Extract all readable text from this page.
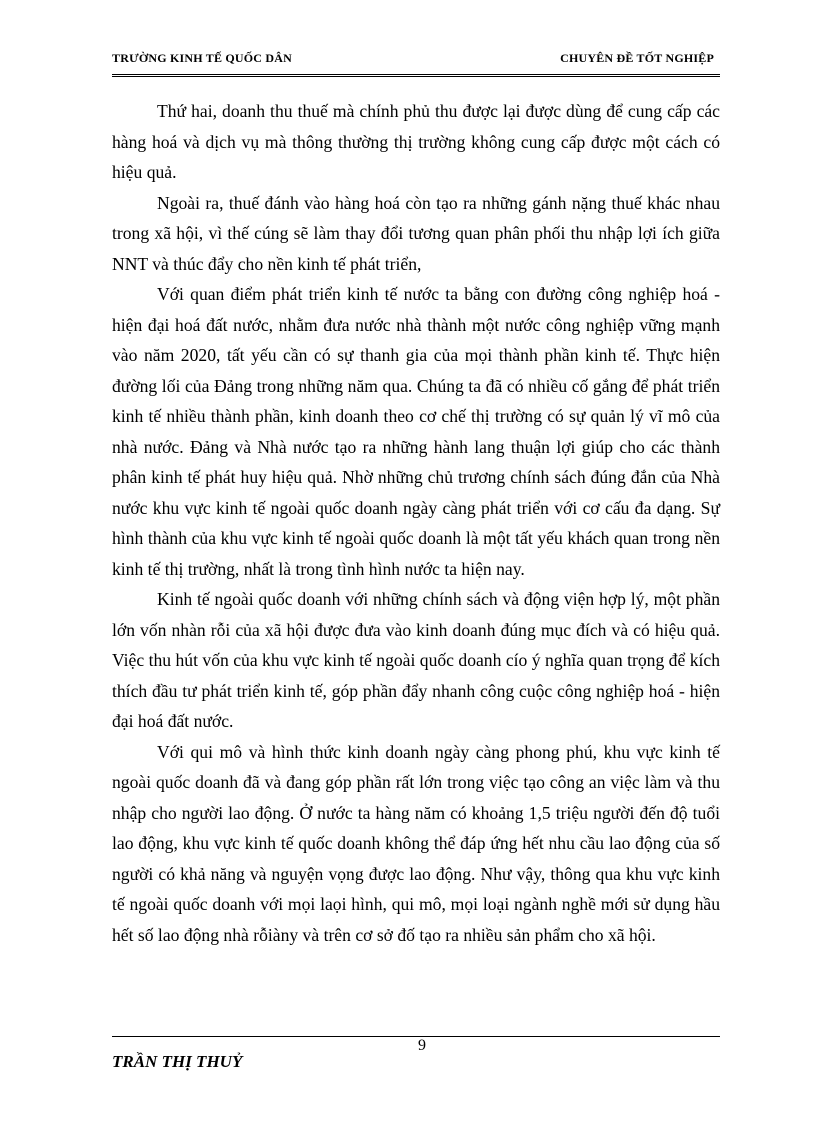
TRƯỜNG KINH TẾ QUỐC DÂN	CHUYÊN ĐỀ TỐT NGHIỆP

Thứ hai, doanh thu thuế mà chính phủ thu được lại được dùng để cung cấp các hàng hoá và dịch vụ mà thông thường thị trường không cung cấp được một cách có hiệu quả.

Ngoài ra, thuế đánh vào hàng hoá còn tạo ra những gánh nặng thuế khác nhau trong xã hội, vì thế cúng sẽ làm thay đổi tương quan phân phối thu nhập lợi ích giữa NNT và thúc đẩy cho nền kinh tế phát triển,

Với quan điểm phát triển kinh tế nước ta bằng con đường công nghiệp hoá - hiện đại hoá đất nước, nhằm đưa nước nhà thành một nước công nghiệp vững mạnh vào năm 2020, tất yếu cần có sự thanh gia của mọi thành phần kinh tế. Thực hiện đường lối của Đảng trong những năm qua. Chúng ta đã có nhiều cố gắng để phát triển kinh tế nhiều thành phần, kinh doanh theo cơ chế thị trường có sự quản lý vĩ mô của nhà nước. Đảng và Nhà nước tạo ra những hành lang thuận lợi giúp cho các thành phân kinh tế phát huy hiệu quả. Nhờ những chủ trương chính sách đúng đắn của Nhà nước khu vực kinh tế ngoài quốc doanh ngày càng phát triển với cơ cấu đa dạng. Sự hình thành của khu vực kinh tế ngoài quốc doanh là một tất yếu khách quan trong nền kinh tế thị trường, nhất là trong tình hình nước ta hiện nay.

Kinh tế ngoài quốc doanh với những chính sách và động viện hợp lý, một phần lớn vốn nhàn rỗi của xã hội được đưa vào kinh doanh đúng mục đích và có hiệu quả. Việc thu hút vốn của khu vực kinh tế ngoài quốc doanh cío ý nghĩa quan trọng để kích thích đầu tư phát triển kinh tế, góp phần đẩy nhanh công cuộc công nghiệp hoá - hiện đại hoá đất nước.

Với qui mô và hình thức kinh doanh ngày càng phong phú, khu vực kinh tế ngoài quốc doanh đã và đang góp phần rất lớn trong việc tạo công an việc làm và thu nhập cho người lao động. Ở nước ta hàng năm có khoảng 1,5 triệu người đến độ tuổi lao động, khu vực kinh tế quốc doanh không thể đáp ứng hết nhu cầu lao động của số người có khả năng và nguyện vọng được lao động. Như vậy, thông qua khu vực kinh tế ngoài quốc doanh với mọi laọi hình, qui mô, mọi loại ngành nghề mới sử dụng hầu hết số lao động nhà rỗiàny và trên cơ sở đố tạo ra nhiều sản phẩm cho xã hội.

9
TRẦN THỊ THUỶ
